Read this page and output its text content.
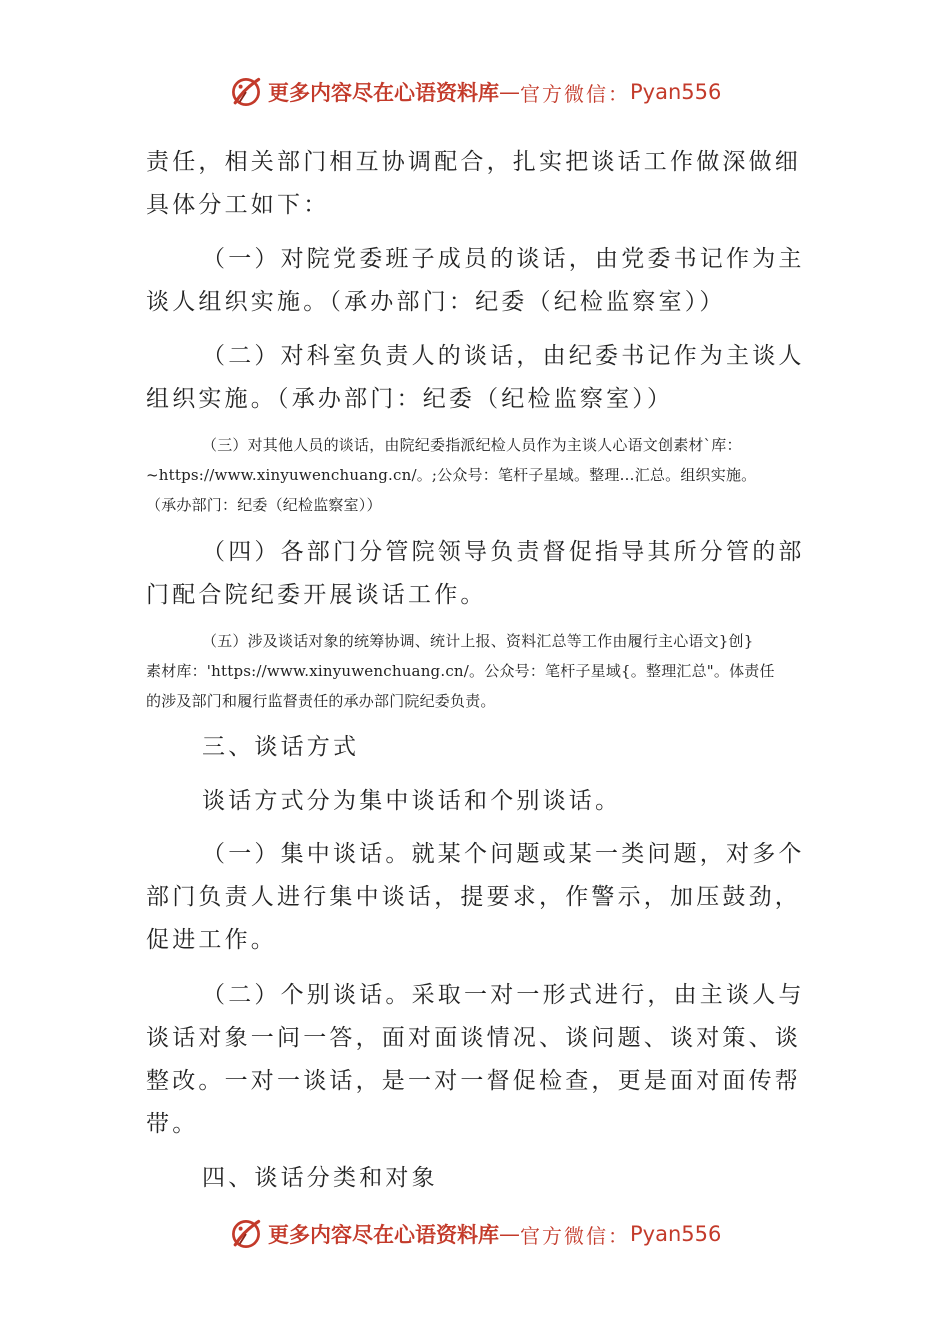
更多内容尽在心语资料库 — 官方微信： Pyan556
责任，相关部门相互协调配合，扎实把谈话工作做深做细
具体分工如下：
（一）对院党委班子成员的谈话，由党委书记作为主
谈人组织实施。（承办部门：纪委（纪检监察室））
（二）对科室负责人的谈话，由纪委书记作为主谈人
组织实施。（承办部门：纪委（纪检监察室））
（三）对其他人员的谈话，由院纪委指派纪检人员作为主谈人心语文创素材`库：
~https://www.xinyuwenchuang.cn/。;公众号：笔杆子星域。整理…汇总。组织实施。
（承办部门：纪委（纪检监察室））
（四）各部门分管院领导负责督促指导其所分管的部
门配合院纪委开展谈话工作。
（五）涉及谈话对象的统筹协调、统计上报、资料汇总等工作由履行主心语文}创}
素材库：'https://www.xinyuwenchuang.cn/。公众号：笔杆子星域{。整理汇总"。体责任
的涉及部门和履行监督责任的承办部门院纪委负责。
三、谈话方式
谈话方式分为集中谈话和个别谈话。
（一）集中谈话。就某个问题或某一类问题，对多个
部门负责人进行集中谈话，提要求，作警示，加压鼓劲，
促进工作。
（二）个别谈话。采取一对一形式进行，由主谈人与
谈话对象一问一答，面对面谈情况、谈问题、谈对策、谈
整改。一对一谈话，是一对一督促检查，更是面对面传帮
带。
四、谈话分类和对象
更多内容尽在心语资料库 — 官方微信： Pyan556
